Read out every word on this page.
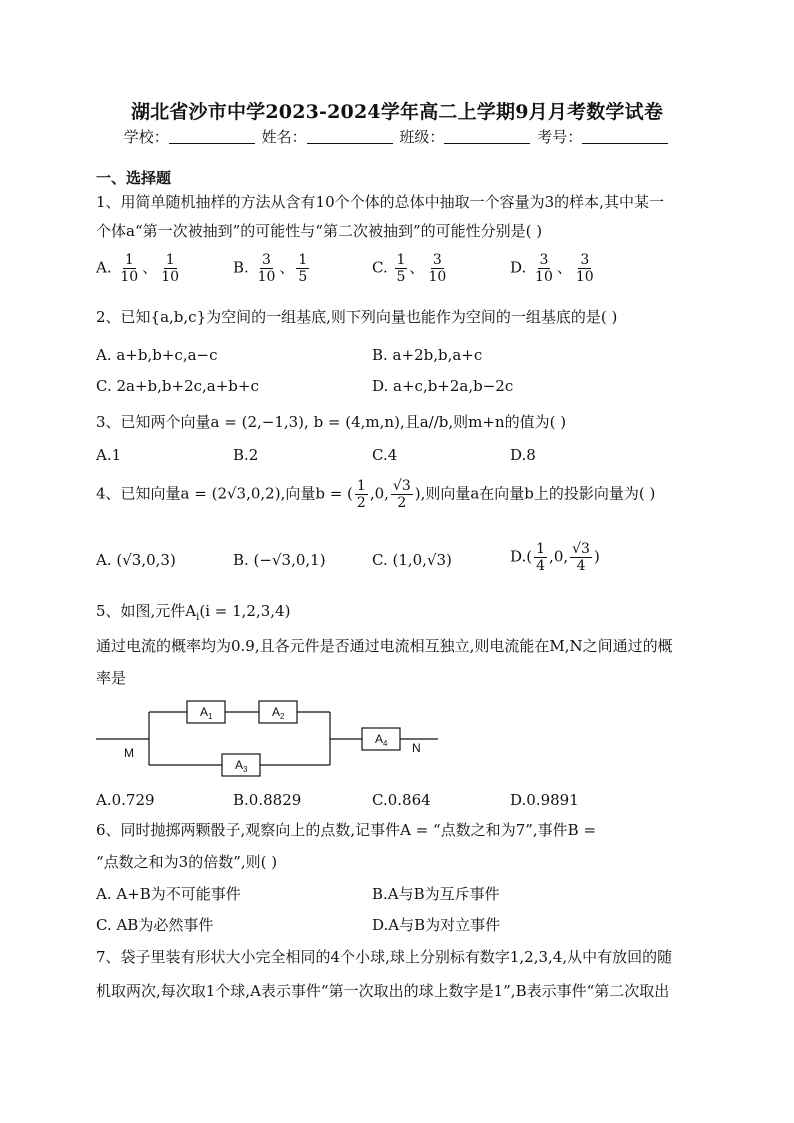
湖北省沙市中学2023-2024学年高二上学期9月月考数学试卷
学校：	姓名：	班级：	考号：
一、选择题
1、用简单随机抽样的方法从含有10个个体的总体中抽取一个容量为3的样本,其中某一
个体a“第一次被抽到”的可能性与“第二次被抽到”的可能性分别是( )
A. $\frac{1}{10}$ 、 $\frac{1}{10}$	B. $\frac{3}{10}$ 、 $\frac{1}{5}$	C. $\frac{1}{5}$ 、 $\frac{3}{10}$	D. $\frac{3}{10}$ 、 $\frac{3}{10}$
2、已知{a,b,c}为空间的一组基底,则下列向量也能作为空间的一组基底的是( )
A. a+b,b+c,a−c	B. a+2b,b,a+c
C. 2a+b,b+2c,a+b+c	D. a+c,b+2a,b−2c
3、已知两个向量a = (2,−1,3), b = (4,m,n),且a//b,则m+n的值为( )
A.1	B.2	C.4	D.8
4、已知向量a = (2√3,0,2),向量b = ( $\frac{1}{2} ,0$, $\frac{√3}{2}$ ),则向量a在向量b上的投影向量为( )
A. (√3,0,3)	B. (−√3,0,1)	C. (1,0,√3)	$D.( \frac{1}{4} ,0$, $\frac{√3}{4}$ )
5、如图,元件$A_i(i = 1,2,3,4)$
通过电流的概率均为0.9,且各元件是否通过电流相互独立,则电流能在M,N之间通过的概
率是
$A_1$	$A_2$
$A_3$
$A_4$
M	N
A.0.729	B.0.8829	C.0.864	D.0.9891
6、同时抛掷两颗骰子,观察向上的点数,记事件A = “点数之和为7”,事件B =
“点数之和为3的倍数”,则( )
A. A+B为不可能事件	B.A与B为互斥事件
C. AB为必然事件	D.A与B为对立事件
7、袋子里装有形状大小完全相同的4个小球,球上分别标有数字1,2,3,4,从中有放回的随
机取两次,每次取1个球,A表示事件“第一次取出的球上数字是1”,B表示事件“第二次取出
